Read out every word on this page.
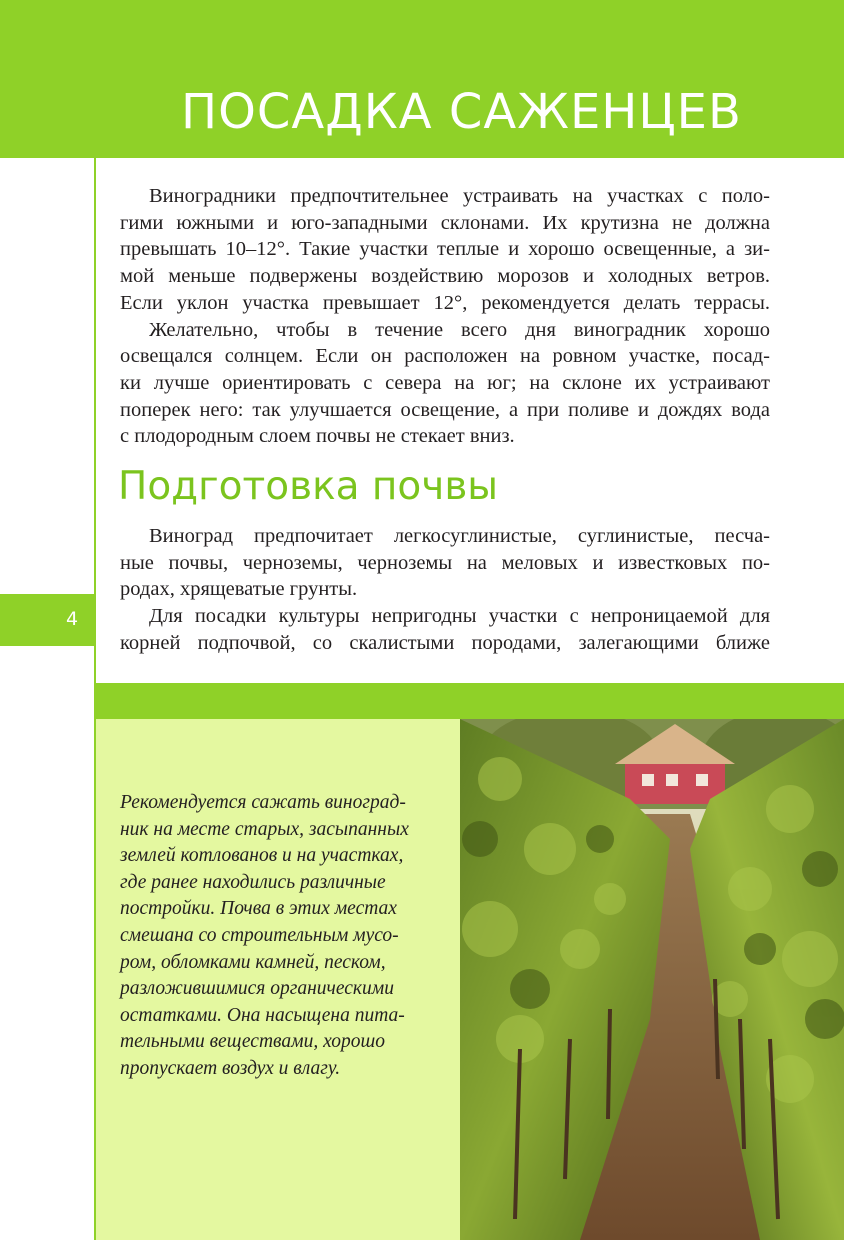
ПОСАДКА САЖЕНЦЕВ
4
Виноградники предпочтительнее устраивать на участках с поло-
гими южными и юго-западными склонами. Их крутизна не должна
превышать 10–12°. Такие участки теплые и хорошо освещенные, а зи-
мой меньше подвержены воздействию морозов и холодных ветров.
Если уклон участка превышает 12°, рекомендуется делать террасы.
Желательно, чтобы в течение всего дня виноградник хорошо
освещался солнцем. Если он расположен на ровном участке, посад-
ки лучше ориентировать с севера на юг; на склоне их устраивают
поперек него: так улучшается освещение, а при поливе и дождях вода
с плодородным слоем почвы не стекает вниз.
Подготовка почвы
Виноград предпочитает легкосуглинистые, суглинистые, песча-
ные почвы, черноземы, черноземы на меловых и известковых по-
родах, хрящеватые грунты.
Для посадки культуры непригодны участки с непроницаемой для
корней подпочвой, со скалистыми породами, залегающими ближе
Рекомендуется сажать виноград-
ник на месте старых, засыпанных
землей котлованов и на участках,
где ранее находились различные
постройки. Почва в этих местах
смешана со строительным мусо-
ром, обломками камней, песком,
разложившимися органическими
остатками. Она насыщена пита-
тельными веществами, хорошо
пропускает воздух и влагу.
